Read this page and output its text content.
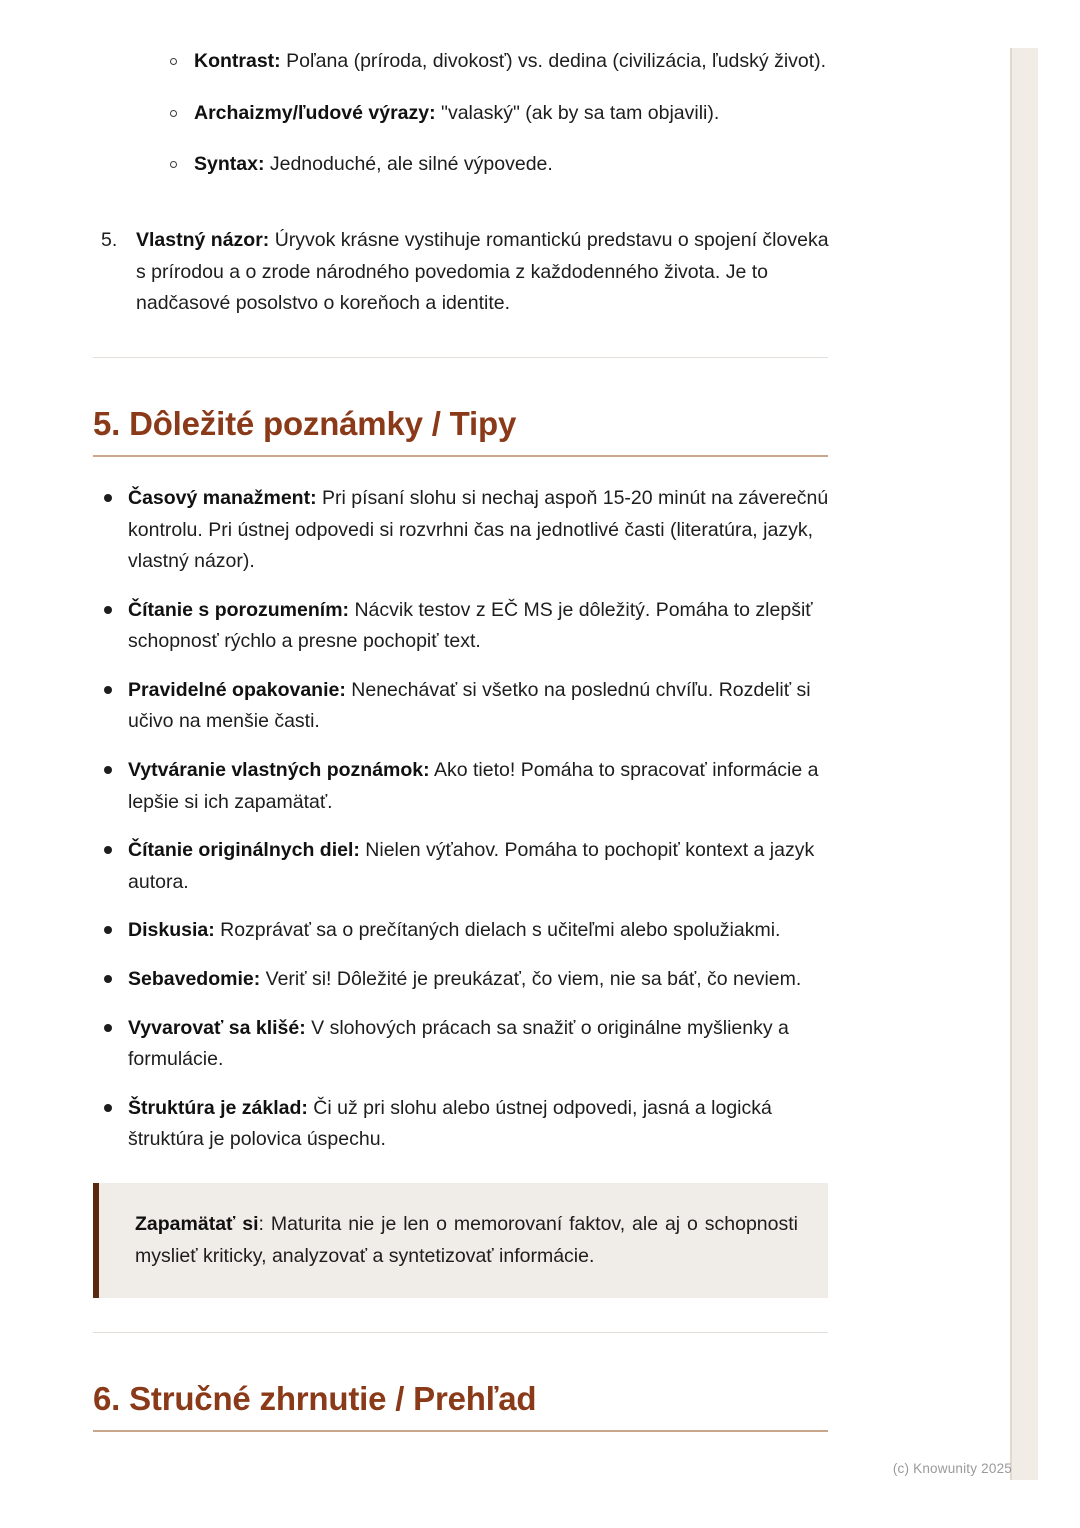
Kontrast: Poľana (príroda, divokosť) vs. dedina (civilizácia, ľudský život).
Archaizmy/ľudové výrazy: "valaský" (ak by sa tam objavili).
Syntax: Jednoduché, ale silné výpovede.
Vlastný názor: Úryvok krásne vystihuje romantickú predstavu o spojení človeka s prírodou a o zrode národného povedomia z každodenného života. Je to nadčasové posolstvo o koreňoch a identite.
5. Dôležité poznámky / Tipy
Časový manažment: Pri písaní slohu si nechaj aspoň 15-20 minút na záverečnú kontrolu. Pri ústnej odpovedi si rozvrhni čas na jednotlivé časti (literatúra, jazyk, vlastný názor).
Čítanie s porozumením: Nácvik testov z EČ MS je dôležitý. Pomáha to zlepšiť schopnosť rýchlo a presne pochopiť text.
Pravidelné opakovanie: Nenechávať si všetko na poslednú chvíľu. Rozdeliť si učivo na menšie časti.
Vytváranie vlastných poznámok: Ako tieto! Pomáha to spracovať informácie a lepšie si ich zapamätať.
Čítanie originálnych diel: Nielen výťahov. Pomáha to pochopiť kontext a jazyk autora.
Diskusia: Rozprávať sa o prečítaných dielach s učiteľmi alebo spolužiakmi.
Sebavedomie: Veriť si! Dôležité je preukázať, čo viem, nie sa báť, čo neviem.
Vyvarovať sa klišé: V slohových prácach sa snažiť o originálne myšlienky a formulácie.
Štruktúra je základ: Či už pri slohu alebo ústnej odpovedi, jasná a logická štruktúra je polovica úspechu.
Zapamätať si: Maturita nie je len o memorovaní faktov, ale aj o schopnosti myslieť kriticky, analyzovať a syntetizovať informácie.
6. Stručné zhrnutie / Prehľad
(c) Knowunity 2025
